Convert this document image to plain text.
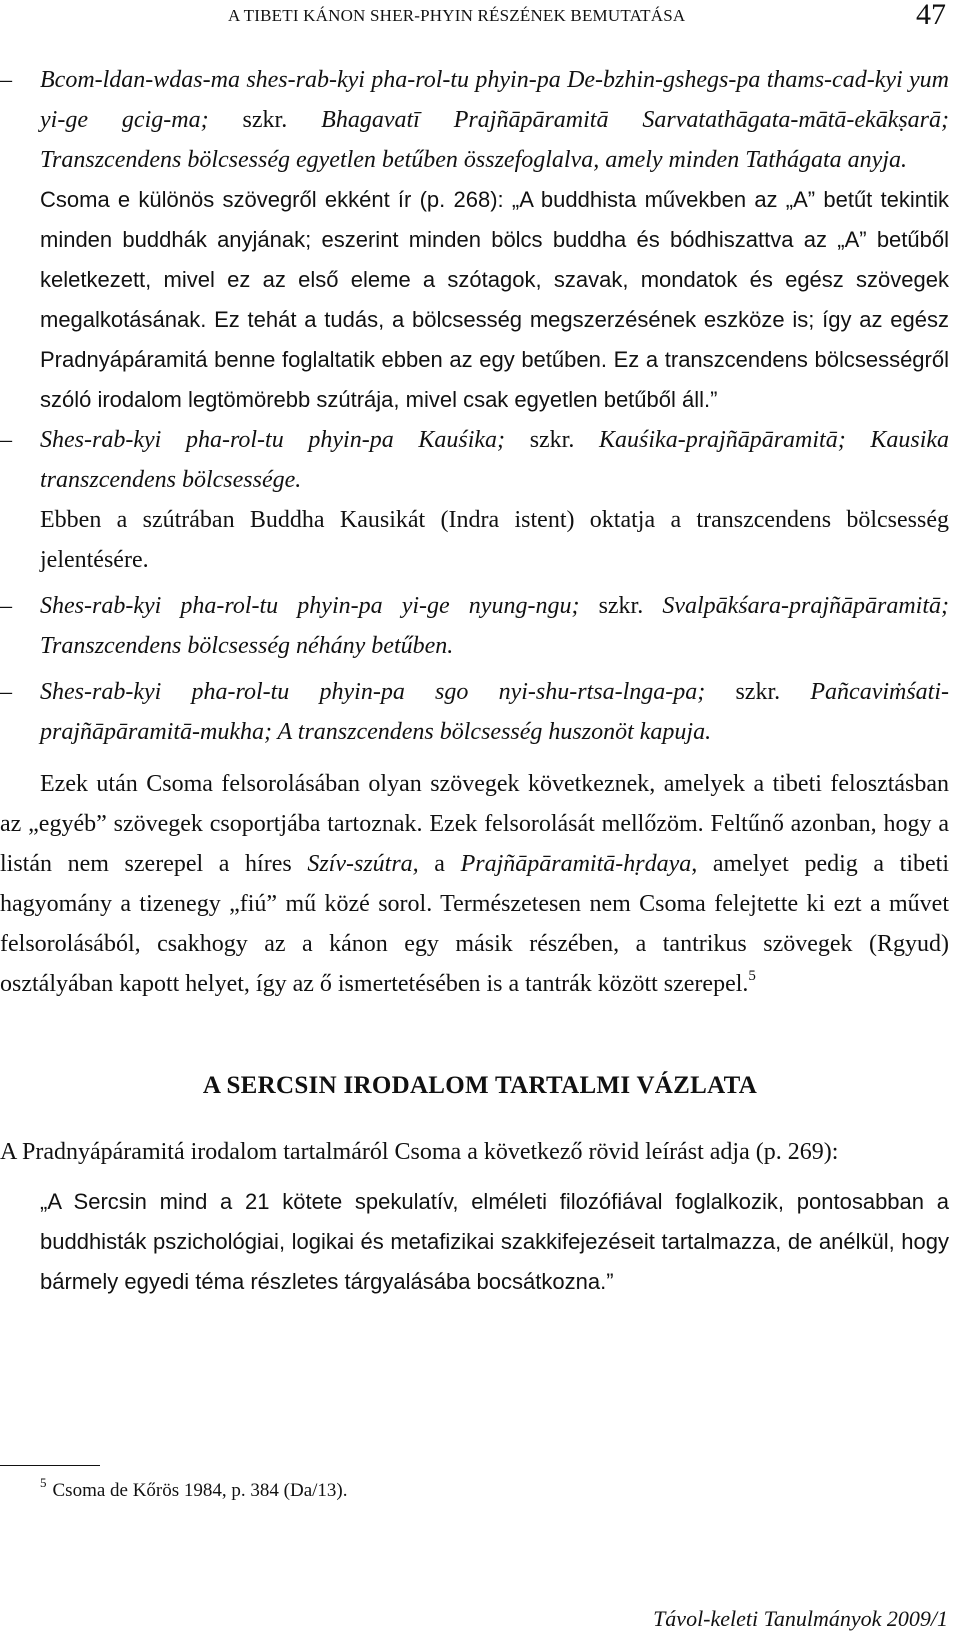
A TIBETI KÁNON SHER-PHYIN RÉSZÉNEK BEMUTATÁSA	47
–	Bcom-ldan-wdas-ma shes-rab-kyi pha-rol-tu phyin-pa De-bzhin-gshegs-pa thams-cad-kyi yum yi-ge gcig-ma; szkr. Bhagavatī Prajñāpāramitā Sarvatathāgata-mātā-ekākṣarā; Transzcendens bölcsesség egyetlen betűben összefoglalva, amely minden Tathágata anyja.
Csoma e különös szövegről ekként ír (p. 268): „A buddhista művekben az „A” betűt tekintik minden buddhák anyjának; eszerint minden bölcs buddha és bódhiszattva az „A” betűből keletkezett, mivel ez az első eleme a szótagok, szavak, mondatok és egész szövegek megalkotásának. Ez tehát a tudás, a bölcsesség megszerzésének eszköze is; így az egész Pradnyápáramitá benne foglaltatik ebben az egy betűben. Ez a transzcendens bölcsességről szóló irodalom legtömörebb szútrája, mivel csak egyetlen betűből áll.”
–	Shes-rab-kyi pha-rol-tu phyin-pa Kauśika; szkr. Kauśika-prajñāpāramitā; Kausika transzcendens bölcsessége.
Ebben a szútrában Buddha Kausikát (Indra istent) oktatja a transzcendens bölcsesség jelentésére.
–	Shes-rab-kyi pha-rol-tu phyin-pa yi-ge nyung-ngu; szkr. Svalpākśara-prajñāpāramitā; Transzcendens bölcsesség néhány betűben.
–	Shes-rab-kyi pha-rol-tu phyin-pa sgo nyi-shu-rtsa-lnga-pa; szkr. Pañcaviṁśati-prajñāpāramitā-mukha; A transzcendens bölcsesség huszonöt kapuja.
Ezek után Csoma felsorolásában olyan szövegek következnek, amelyek a tibeti felosztásban az „egyéb” szövegek csoportjába tartoznak. Ezek felsorolását mellőzöm. Feltűnő azonban, hogy a listán nem szerepel a híres Szív-szútra, a Prajñāpāramitā-hṛdaya, amelyet pedig a tibeti hagyomány a tizenegy „fiú” mű közé sorol. Természetesen nem Csoma felejtette ki ezt a művet felsorolásából, csakhogy az a kánon egy másik részében, a tantrikus szövegek (Rgyud) osztályában kapott helyet, így az ő ismertetésében is a tantrák között szerepel.$^5$
A SERCSIN IRODALOM TARTALMI VÁZLATA
A Pradnyápáramitá irodalom tartalmáról Csoma a következő rövid leírást adja (p. 269):
„A Sercsin mind a 21 kötete spekulatív, elméleti filozófiával foglalkozik, pontosabban a buddhisták pszichológiai, logikai és metafizikai szakkifejezéseit tartalmazza, de anélkül, hogy bármely egyedi téma részletes tárgyalásába bocsátkozna.”
$^5$ Csoma de Kőrös 1984, p. 384 (Da/13).
Távol-keleti Tanulmányok 2009/1
